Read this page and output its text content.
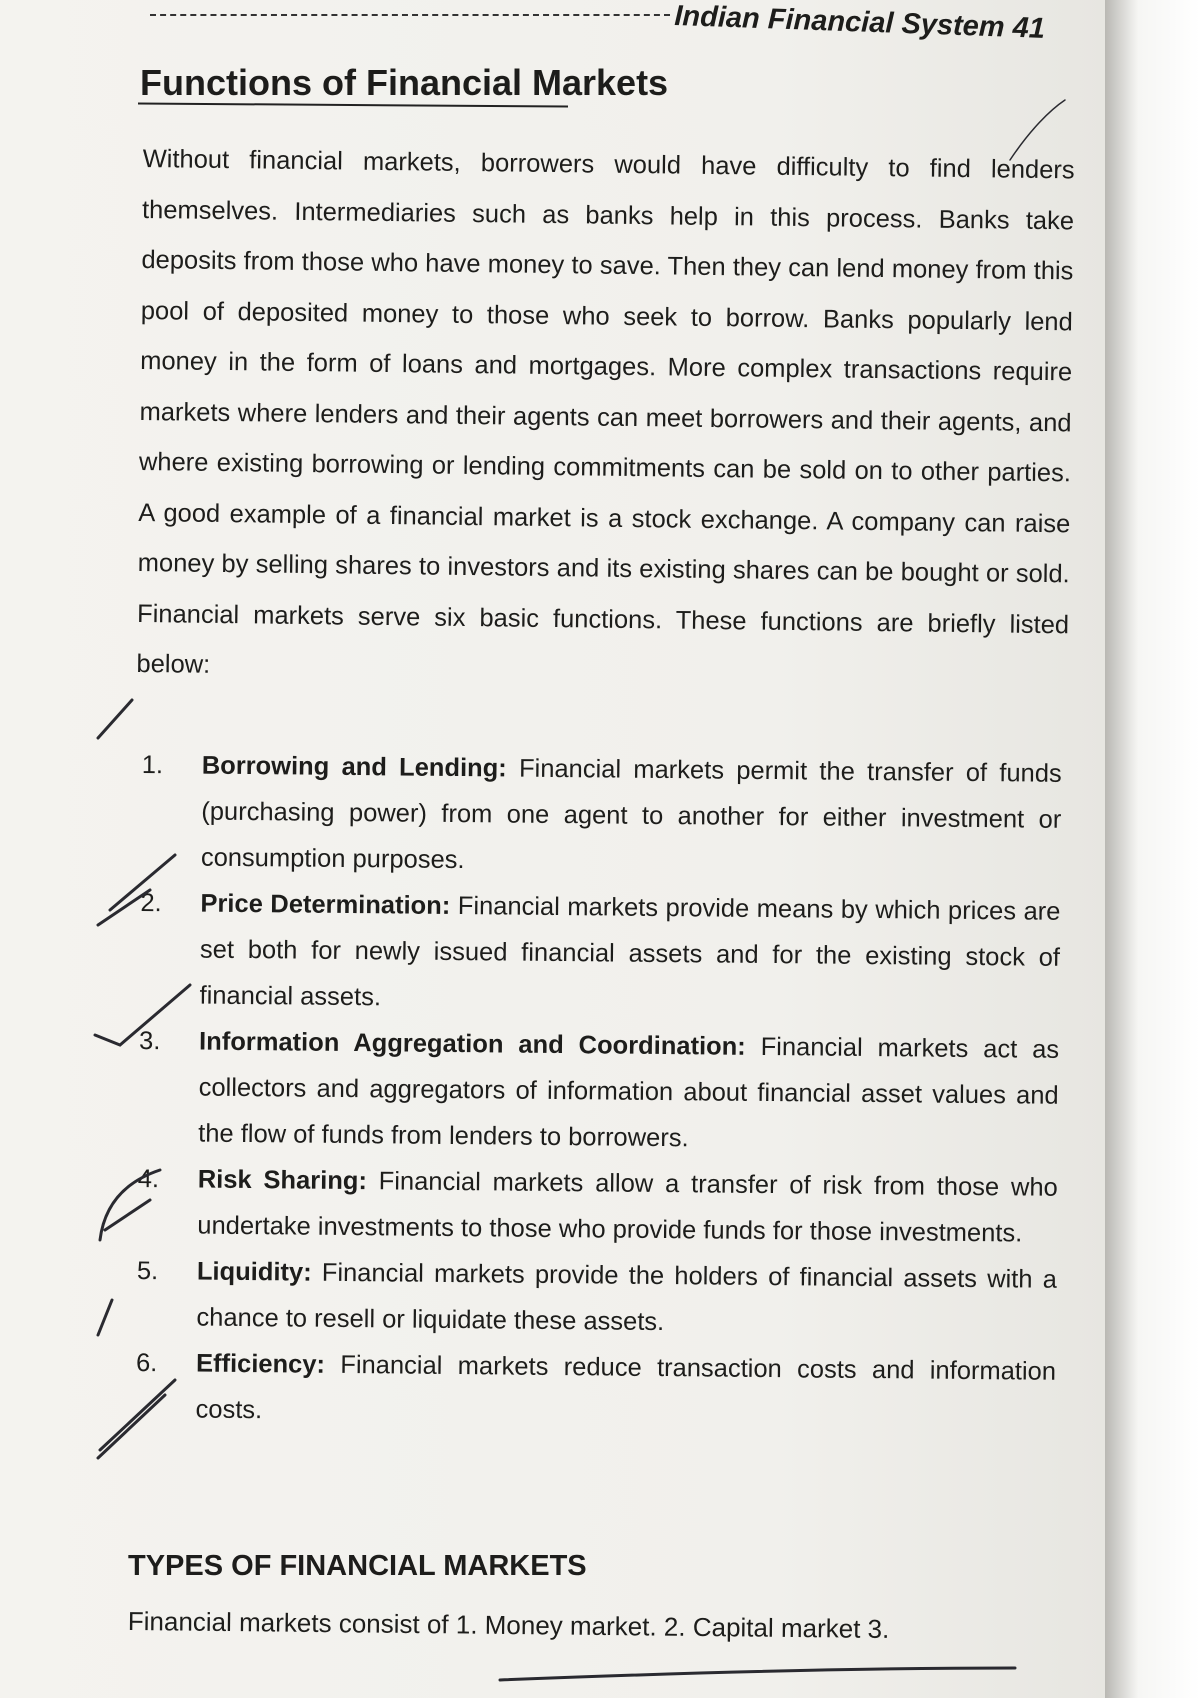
Indian Financial System 41
Functions of Financial Markets

Without financial markets, borrowers would have difficulty to find lenders themselves. Intermediaries such as banks help in this process. Banks take deposits from those who have money to save. Then they can lend money from this pool of deposited money to those who seek to borrow. Banks popularly lend money in the form of loans and mortgages. More complex transactions require markets where lenders and their agents can meet borrowers and their agents, and where existing borrowing or lending commitments can be sold on to other parties. A good example of a financial market is a stock exchange. A company can raise money by selling shares to investors and its existing shares can be bought or sold. Financial markets serve six basic functions. These functions are briefly listed below:

1. Borrowing and Lending: Financial markets permit the transfer of funds (purchasing power) from one agent to another for either investment or consumption purposes.
2. Price Determination: Financial markets provide means by which prices are set both for newly issued financial assets and for the existing stock of financial assets.
3. Information Aggregation and Coordination: Financial markets act as collectors and aggregators of information about financial asset values and the flow of funds from lenders to borrowers.
4. Risk Sharing: Financial markets allow a transfer of risk from those who undertake investments to those who provide funds for those investments.
5. Liquidity: Financial markets provide the holders of financial assets with a chance to resell or liquidate these assets.
6. Efficiency: Financial markets reduce transaction costs and information costs.
TYPES OF FINANCIAL MARKETS

Financial markets consist of 1. Money market. 2. Capital market 3.
